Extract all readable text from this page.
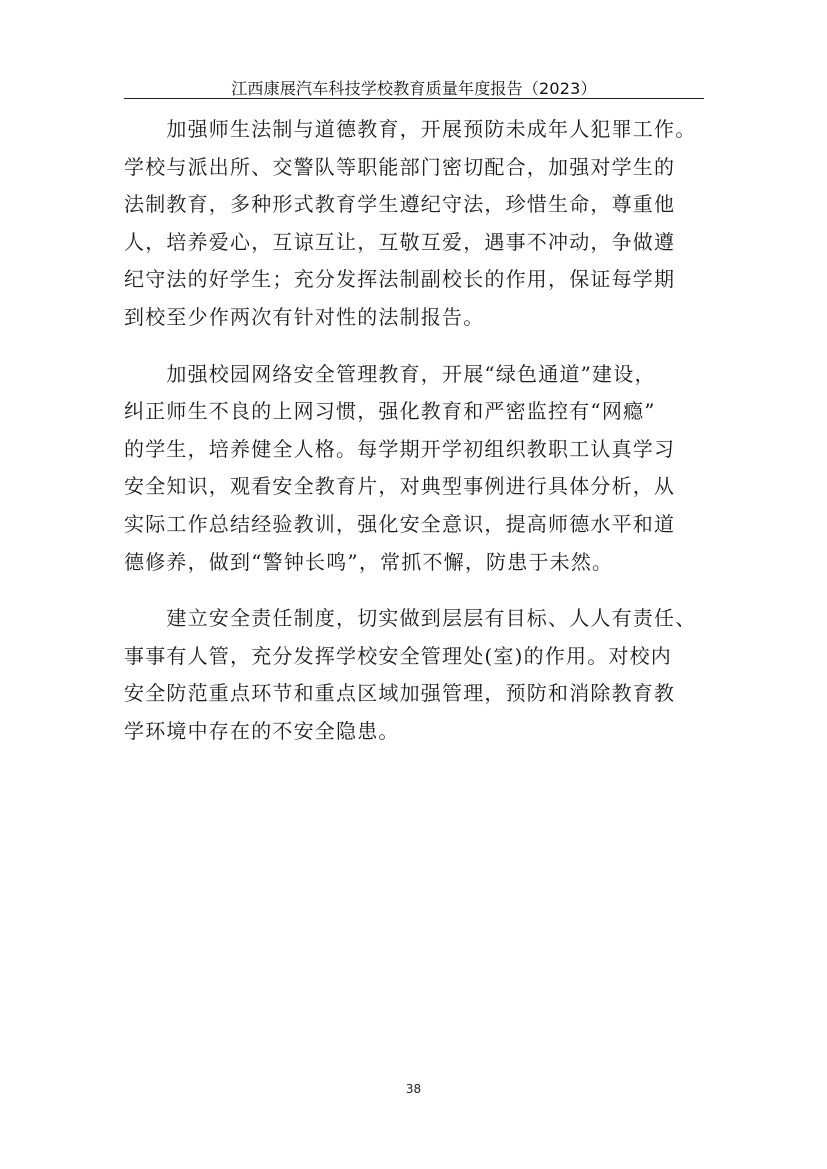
江西康展汽车科技学校教育质量年度报告（2023）
　　加强师生法制与道德教育，开展预防未成年人犯罪工作。
学校与派出所、交警队等职能部门密切配合，加强对学生的
法制教育，多种形式教育学生遵纪守法，珍惜生命，尊重他
人，培养爱心，互谅互让，互敬互爱，遇事不冲动，争做遵
纪守法的好学生；充分发挥法制副校长的作用，保证每学期
到校至少作两次有针对性的法制报告。
　　加强校园网络安全管理教育，开展“绿色通道”建设，
纠正师生不良的上网习惯，强化教育和严密监控有“网瘾”
的学生，培养健全人格。每学期开学初组织教职工认真学习
安全知识，观看安全教育片，对典型事例进行具体分析，从
实际工作总结经验教训，强化安全意识，提高师德水平和道
德修养，做到“警钟长鸣”，常抓不懈，防患于未然。
　　建立安全责任制度，切实做到层层有目标、人人有责任、
事事有人管，充分发挥学校安全管理处(室)的作用。对校内
安全防范重点环节和重点区域加强管理，预防和消除教育教
学环境中存在的不安全隐患。
38
